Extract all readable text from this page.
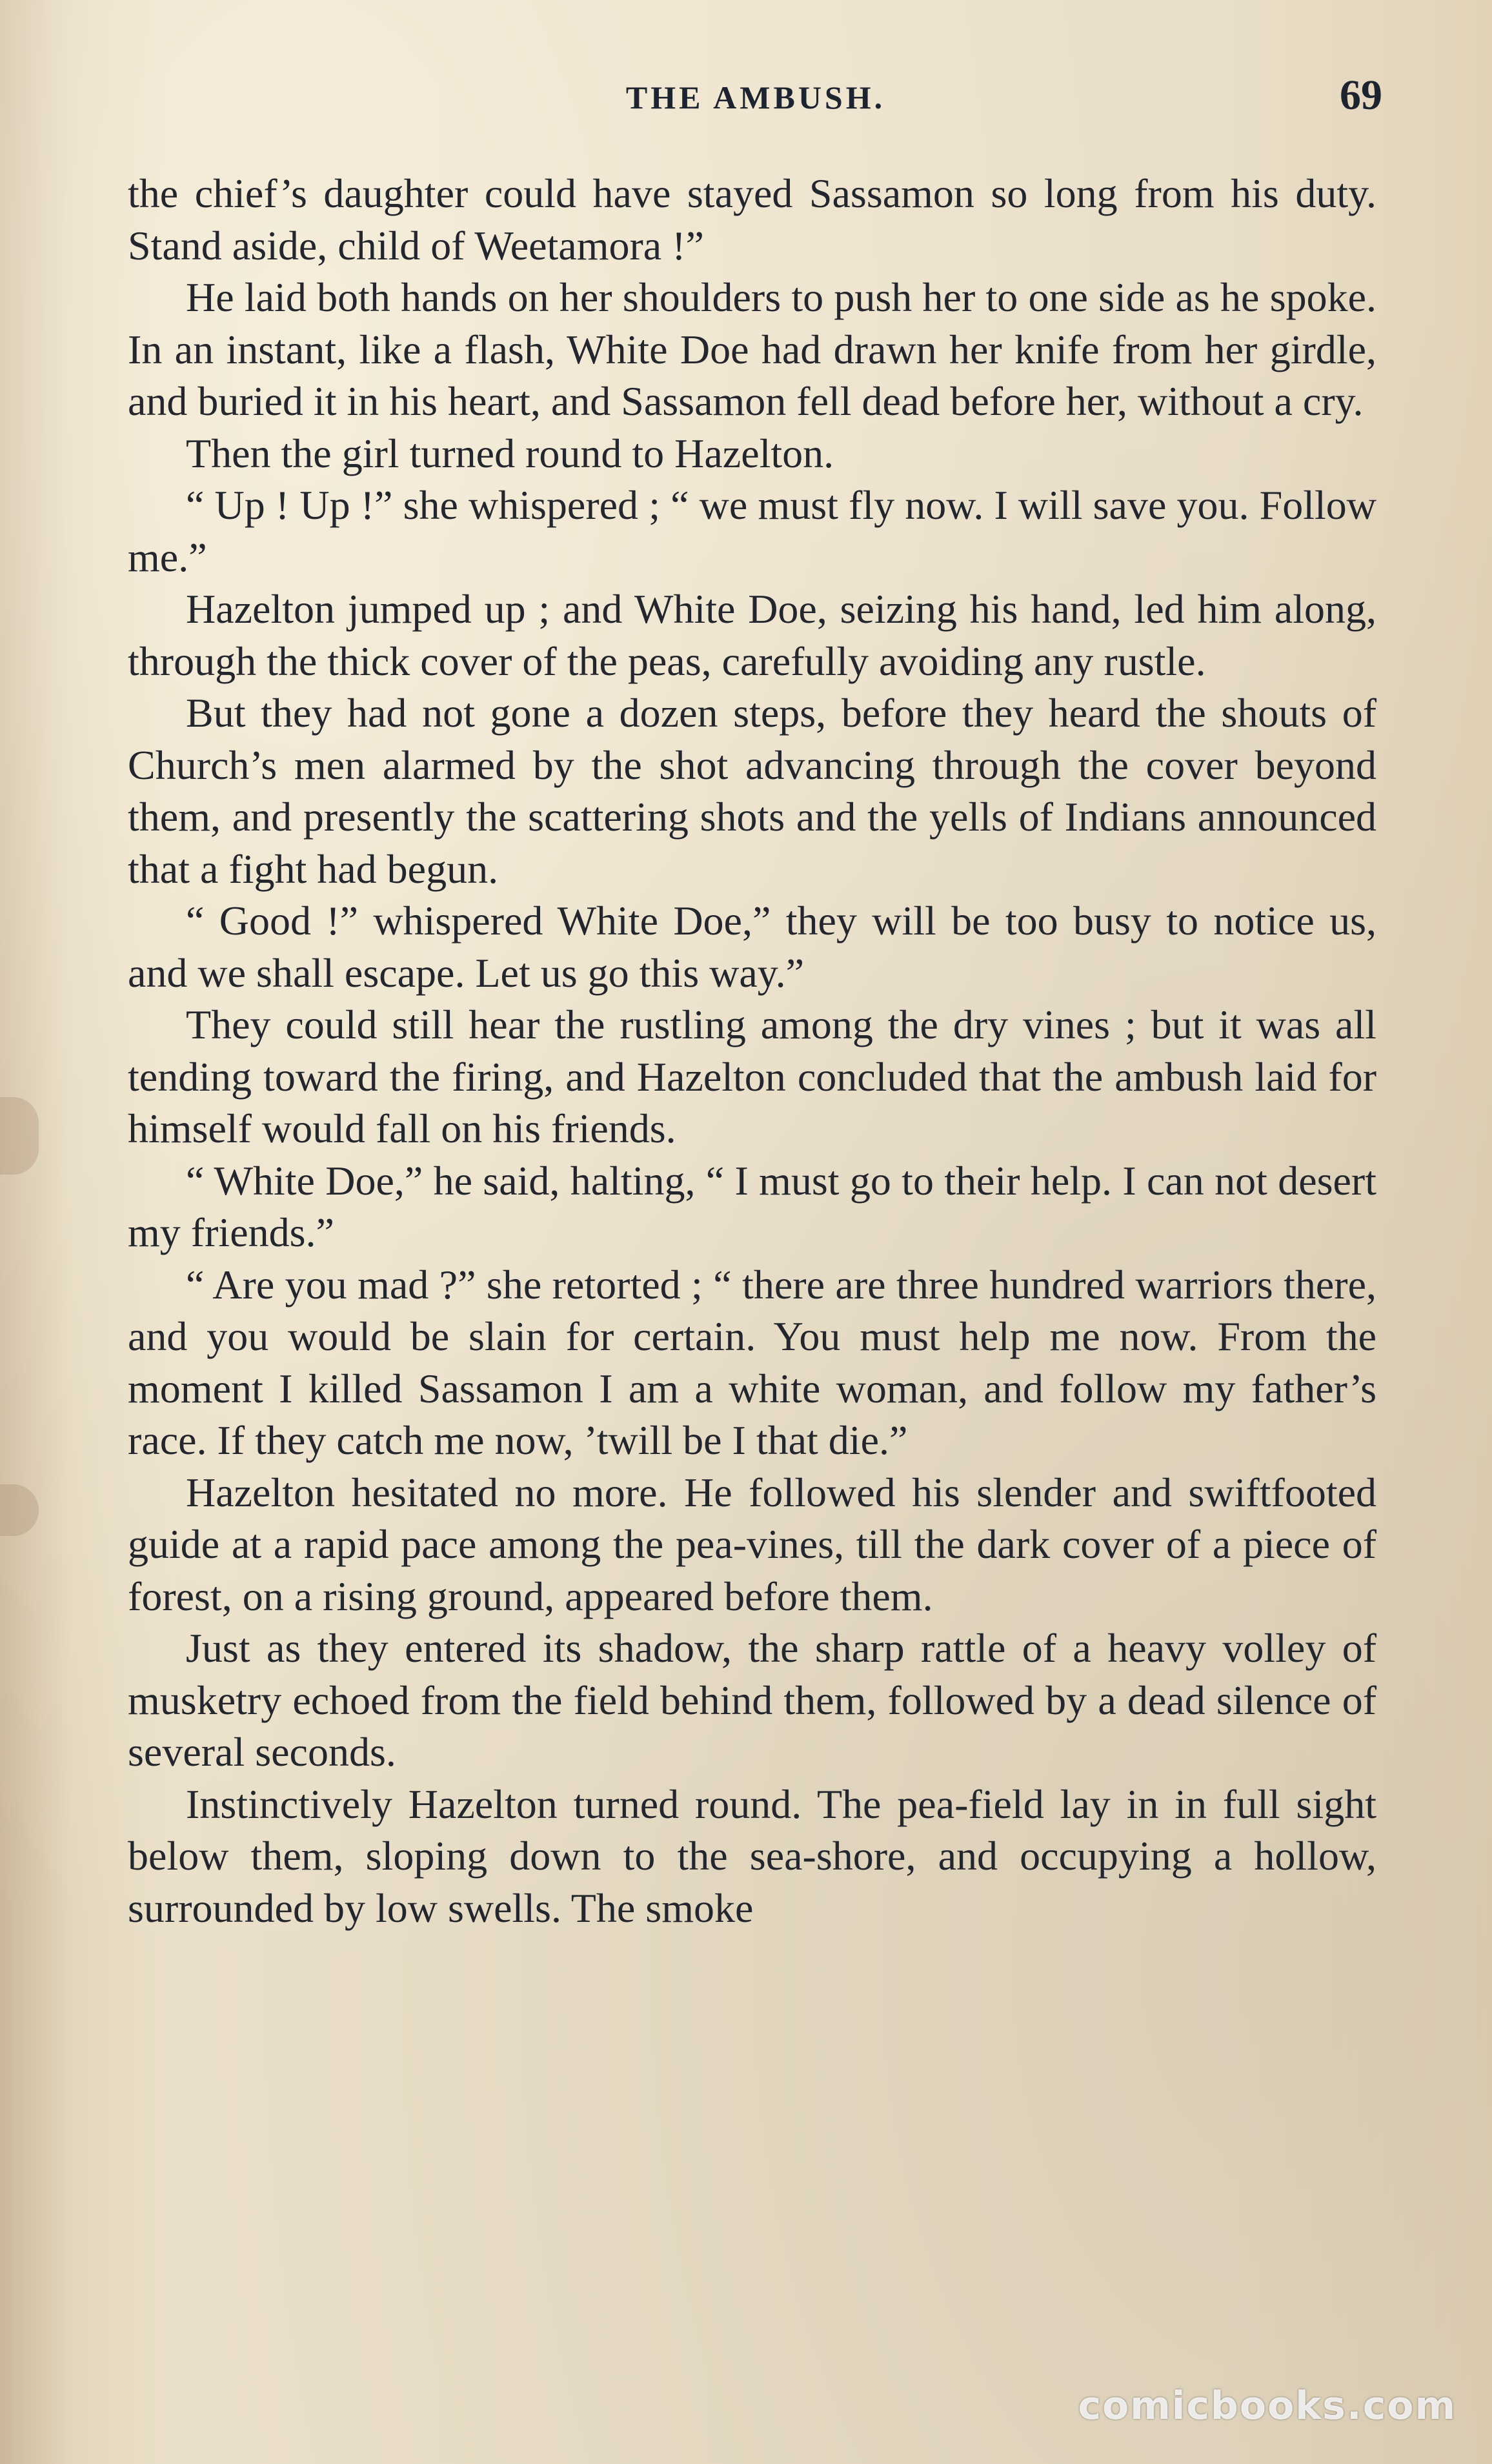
THE AMBUSH.	69

the chief’s daughter could have stayed Sassamon so long from his duty. Stand aside, child of Weetamora !”

He laid both hands on her shoulders to push her to one side as he spoke. In an instant, like a flash, White Doe had drawn her knife from her girdle, and buried it in his heart, and Sassamon fell dead before her, without a cry.

Then the girl turned round to Hazelton.

“ Up ! Up !” she whispered ; “ we must fly now. I will save you. Follow me.”

Hazelton jumped up ; and White Doe, seizing his hand, led him along, through the thick cover of the peas, carefully avoiding any rustle.

But they had not gone a dozen steps, before they heard the shouts of Church’s men alarmed by the shot advancing through the cover beyond them, and presently the scattering shots and the yells of Indians announced that a fight had begun.

“ Good !” whispered White Doe,” they will be too busy to notice us, and we shall escape. Let us go this way.”

They could still hear the rustling among the dry vines ; but it was all tending toward the firing, and Hazelton concluded that the ambush laid for himself would fall on his friends.

“ White Doe,” he said, halting, “ I must go to their help. I can not desert my friends.”

“ Are you mad ?” she retorted ; “ there are three hundred warriors there, and you would be slain for certain. You must help me now. From the moment I killed Sassamon I am a white woman, and follow my father’s race. If they catch me now, ’twill be I that die.”

Hazelton hesitated no more. He followed his slender and swiftfooted guide at a rapid pace among the pea-vines, till the dark cover of a piece of forest, on a rising ground, appeared before them.

Just as they entered its shadow, the sharp rattle of a heavy volley of musketry echoed from the field behind them, followed by a dead silence of several seconds.

Instinctively Hazelton turned round. The pea-field lay in in full sight below them, sloping down to the sea-shore, and occupying a hollow, surrounded by low swells. The smoke

comicbooks.com
